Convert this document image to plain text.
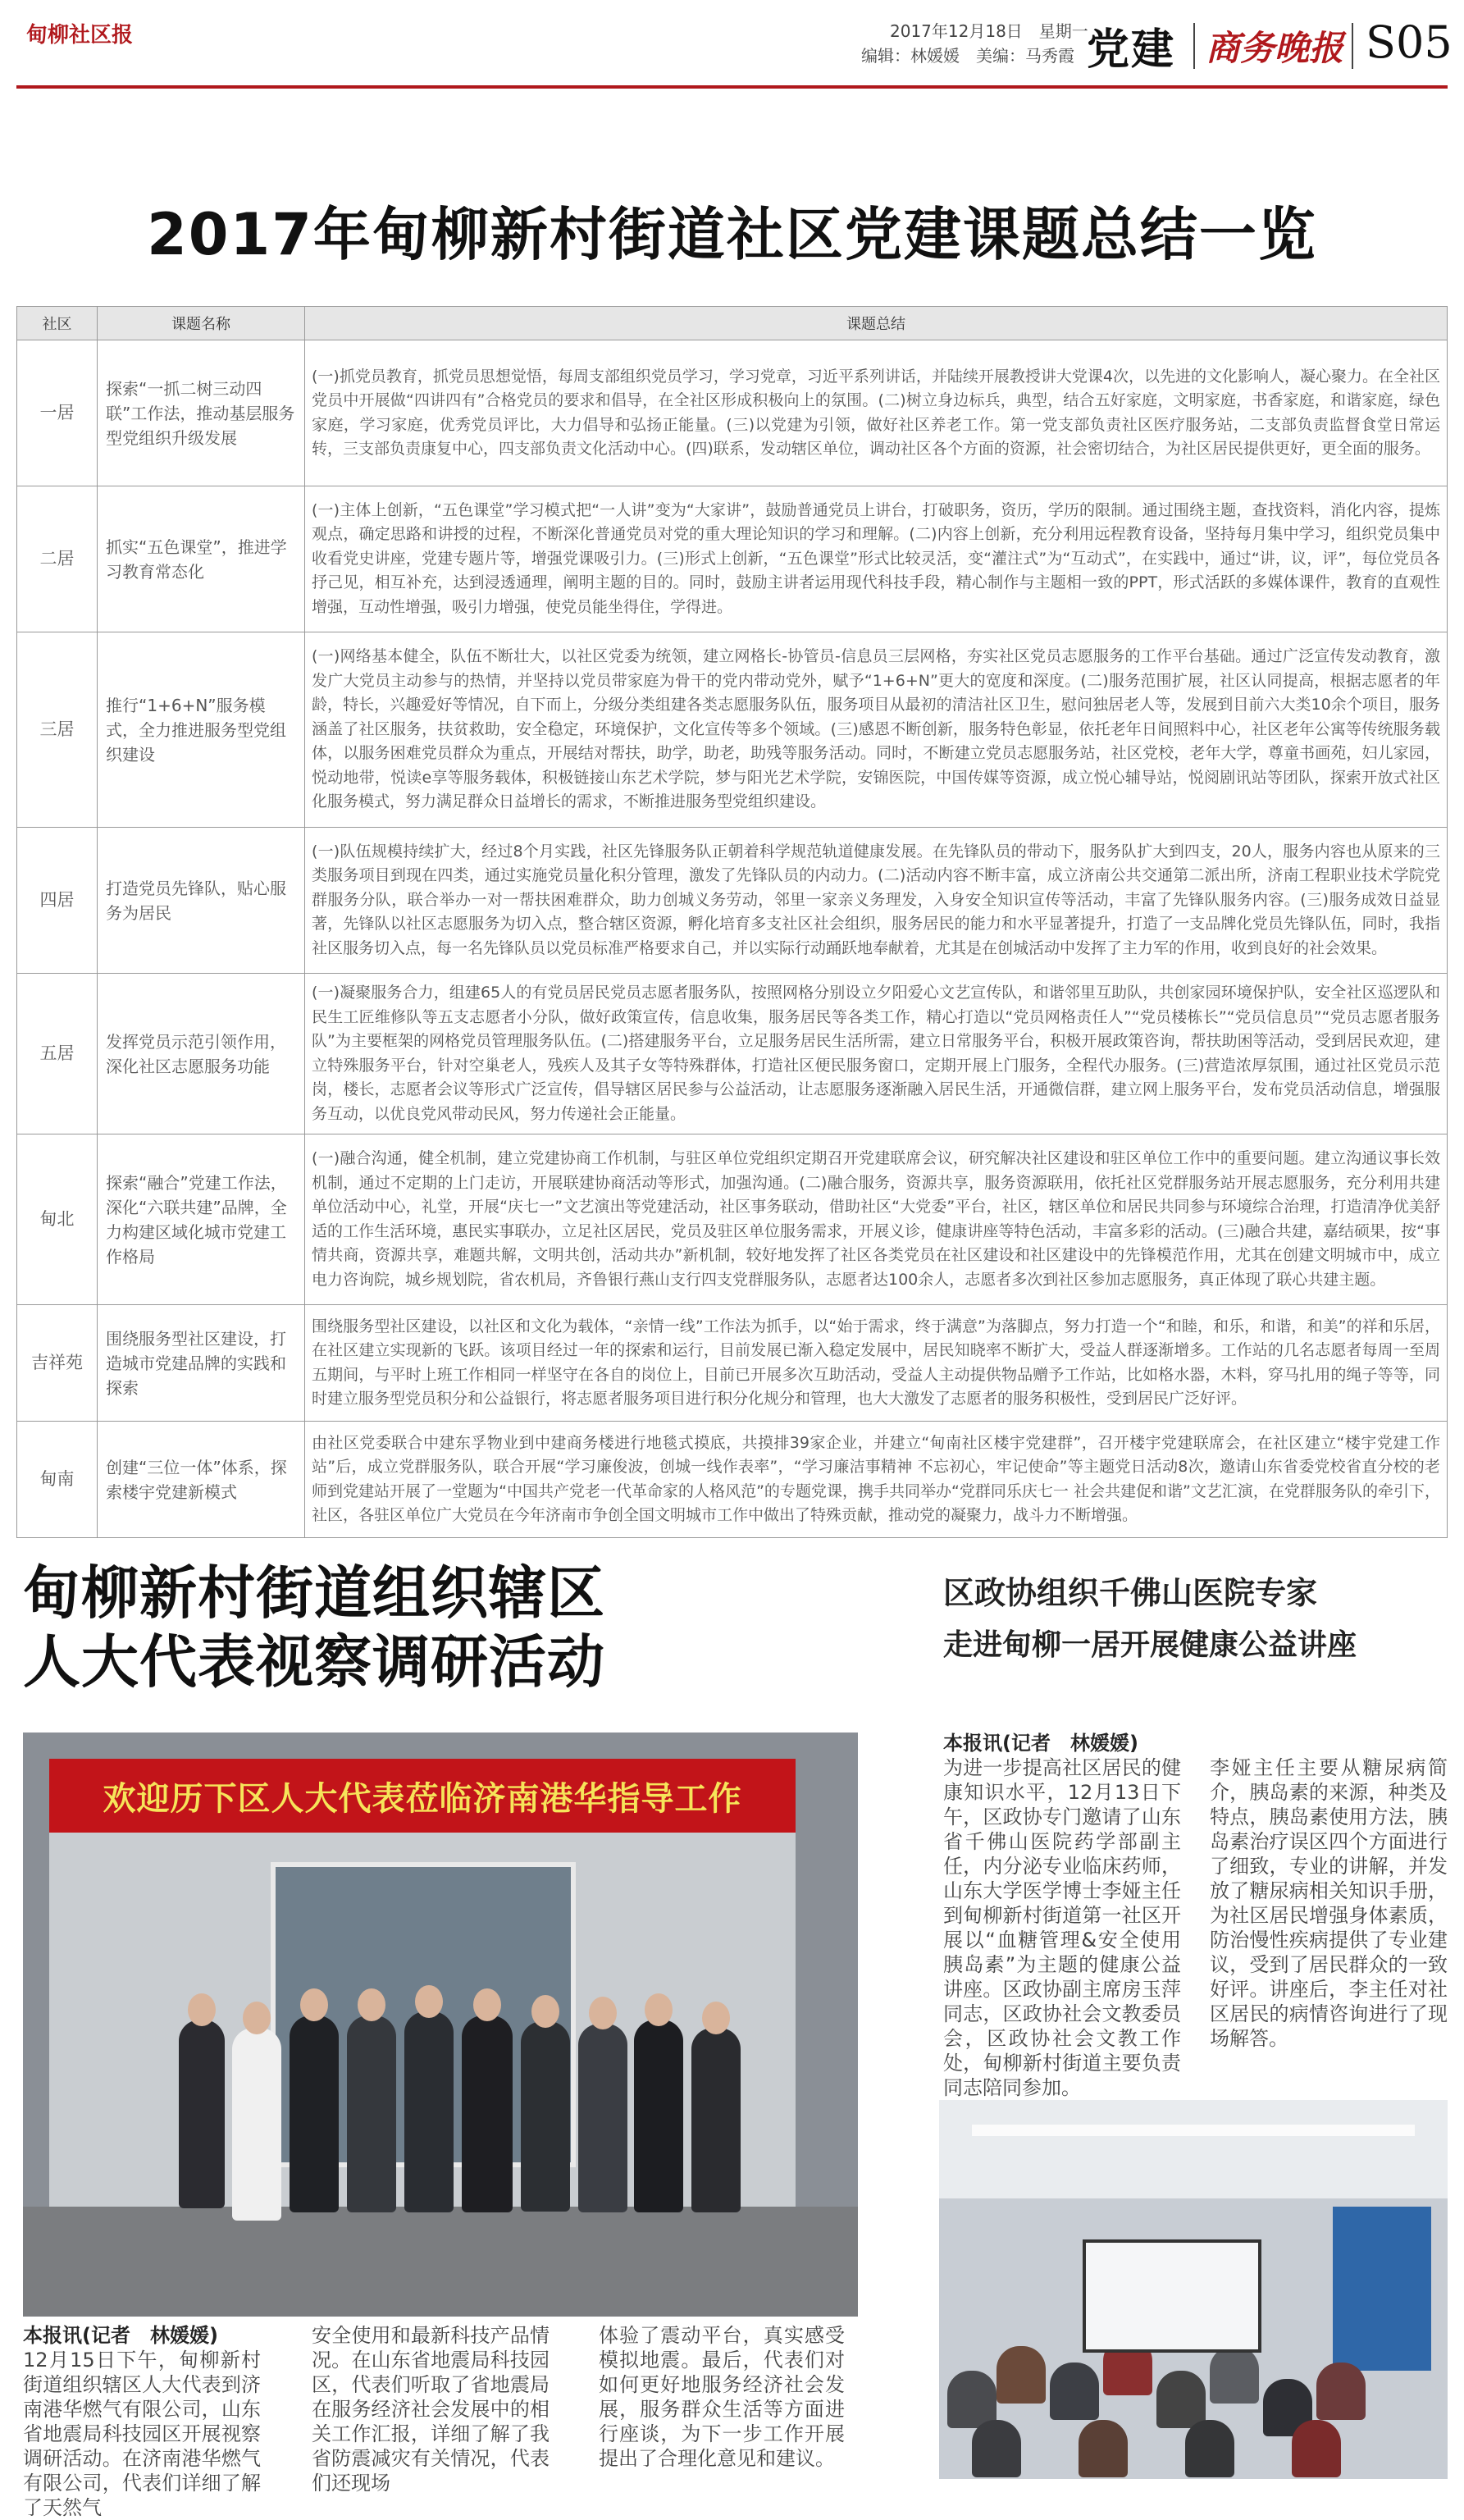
甸柳社区报	2017年12月18日　星期一
编辑：林媛媛　美编：马秀霞 党建 商务晚报 S05
2017年甸柳新村街道社区党建课题总结一览
社区	课题名称	课题总结
一居	探索“一抓二树三动四联”工作法，推动基层服务型党组织升级发展	(一)抓党员教育，抓党员思想觉悟，每周支部组织党员学习，学习党章，习近平系列讲话，并陆续开展教授讲大党课4次，以先进的文化影响人，凝心聚力。在全社区党员中开展做“四讲四有”合格党员的要求和倡导，在全社区形成积极向上的氛围。(二)树立身边标兵，典型，结合五好家庭，文明家庭，书香家庭，和谐家庭，绿色家庭，学习家庭，优秀党员评比，大力倡导和弘扬正能量。(三)以党建为引领，做好社区养老工作。第一党支部负责社区医疗服务站，二支部负责监督食堂日常运转，三支部负责康复中心，四支部负责文化活动中心。(四)联系，发动辖区单位，调动社区各个方面的资源，社会密切结合，为社区居民提供更好，更全面的服务。
二居	抓实“五色课堂”，推进学习教育常态化	(一)主体上创新，“五色课堂”学习模式把“一人讲”变为“大家讲”，鼓励普通党员上讲台，打破职务，资历，学历的限制。通过围绕主题，查找资料，消化内容，提炼观点，确定思路和讲授的过程，不断深化普通党员对党的重大理论知识的学习和理解。(二)内容上创新，充分利用远程教育设备，坚持每月集中学习，组织党员集中收看党史讲座，党建专题片等，增强党课吸引力。(三)形式上创新，“五色课堂”形式比较灵活，变“灌注式”为“互动式”，在实践中，通过“讲，议，评”，每位党员各抒己见，相互补充，达到浸透通理，阐明主题的目的。同时，鼓励主讲者运用现代科技手段，精心制作与主题相一致的PPT，形式活跃的多媒体课件，教育的直观性增强，互动性增强，吸引力增强，使党员能坐得住，学得进。
三居	推行“1+6+N”服务模式，全力推进服务型党组织建设	(一)网络基本健全，队伍不断壮大，以社区党委为统领，建立网格长-协管员-信息员三层网格，夯实社区党员志愿服务的工作平台基础。通过广泛宣传发动教育，激发广大党员主动参与的热情，并坚持以党员带家庭为骨干的党内带动党外，赋予“1+6+N”更大的宽度和深度。(二)服务范围扩展，社区认同提高，根据志愿者的年龄，特长，兴趣爱好等情况，自下而上，分级分类组建各类志愿服务队伍，服务项目从最初的清洁社区卫生，慰问独居老人等，发展到目前六大类10余个项目，服务涵盖了社区服务，扶贫救助，安全稳定，环境保护，文化宣传等多个领域。(三)感恩不断创新，服务特色彰显，依托老年日间照料中心，社区老年公寓等传统服务载体，以服务困难党员群众为重点，开展结对帮扶，助学，助老，助残等服务活动。同时，不断建立党员志愿服务站，社区党校，老年大学，尊童书画苑，妇儿家园，悦动地带，悦读e享等服务载体，积极链接山东艺术学院，梦与阳光艺术学院，安锦医院，中国传媒等资源，成立悦心辅导站，悦阅剧讯站等团队，探索开放式社区化服务模式，努力满足群众日益增长的需求，不断推进服务型党组织建设。
四居	打造党员先锋队，贴心服务为居民	(一)队伍规模持续扩大，经过8个月实践，社区先锋服务队正朝着科学规范轨道健康发展。在先锋队员的带动下，服务队扩大到四支，20人，服务内容也从原来的三类服务项目到现在四类，通过实施党员量化积分管理，激发了先锋队员的内动力。(二)活动内容不断丰富，成立济南公共交通第二派出所，济南工程职业技术学院党群服务分队，联合举办一对一帮扶困难群众，助力创城义务劳动，邻里一家亲义务理发，入身安全知识宣传等活动，丰富了先锋队服务内容。(三)服务成效日益显著，先锋队以社区志愿服务为切入点，整合辖区资源，孵化培育多支社区社会组织，服务居民的能力和水平显著提升，打造了一支品牌化党员先锋队伍，同时，我指社区服务切入点，每一名先锋队员以党员标准严格要求自己，并以实际行动踊跃地奉献着，尤其是在创城活动中发挥了主力军的作用，收到良好的社会效果。
五居	发挥党员示范引领作用，深化社区志愿服务功能	(一)凝聚服务合力，组建65人的有党员居民党员志愿者服务队，按照网格分别设立夕阳爱心文艺宣传队，和谐邻里互助队，共创家园环境保护队，安全社区巡逻队和民生工匠维修队等五支志愿者小分队，做好政策宣传，信息收集，服务居民等各类工作，精心打造以“党员网格责任人”“党员楼栋长”“党员信息员”“党员志愿者服务队”为主要框架的网格党员管理服务队伍。(二)搭建服务平台，立足服务居民生活所需，建立日常服务平台，积极开展政策咨询，帮扶助困等活动，受到居民欢迎，建立特殊服务平台，针对空巢老人，残疾人及其子女等特殊群体，打造社区便民服务窗口，定期开展上门服务，全程代办服务。(三)营造浓厚氛围，通过社区党员示范岗，楼长，志愿者会议等形式广泛宣传，倡导辖区居民参与公益活动，让志愿服务逐渐融入居民生活，开通微信群，建立网上服务平台，发布党员活动信息，增强服务互动，以优良党风带动民风，努力传递社会正能量。
甸北	探索“融合”党建工作法，深化“六联共建”品牌，全力构建区域化城市党建工作格局	(一)融合沟通，健全机制，建立党建协商工作机制，与驻区单位党组织定期召开党建联席会议，研究解决社区建设和驻区单位工作中的重要问题。建立沟通议事长效机制，通过不定期的上门走访，开展联建协商活动等形式，加强沟通。(二)融合服务，资源共享，服务资源联用，依托社区党群服务站开展志愿服务，充分利用共建单位活动中心，礼堂，开展“庆七一”文艺演出等党建活动，社区事务联动，借助社区“大党委”平台，社区，辖区单位和居民共同参与环境综合治理，打造清净优美舒适的工作生活环境，惠民实事联办，立足社区居民，党员及驻区单位服务需求，开展义诊，健康讲座等特色活动，丰富多彩的活动。(三)融合共建，嘉结硕果，按“事情共商，资源共享，难题共解，文明共创，活动共办”新机制，较好地发挥了社区各类党员在社区建设和社区建设中的先锋模范作用，尤其在创建文明城市中，成立电力咨询院，城乡规划院，省农机局，齐鲁银行燕山支行四支党群服务队，志愿者达100余人，志愿者多次到社区参加志愿服务，真正体现了联心共建主题。
吉祥苑	围绕服务型社区建设，打造城市党建品牌的实践和探索	围绕服务型社区建设，以社区和文化为载体，“亲情一线”工作法为抓手，以“始于需求，终于满意”为落脚点，努力打造一个“和睦，和乐，和谐，和美”的祥和乐居，在社区建立实现新的飞跃。该项目经过一年的探索和运行，目前发展已渐入稳定发展中，居民知晓率不断扩大，受益人群逐渐增多。工作站的几名志愿者每周一至周五期间，与平时上班工作相同一样坚守在各自的岗位上，目前已开展多次互助活动，受益人主动提供物品赠予工作站，比如格水器，木料，穿马扎用的绳子等等，同时建立服务型党员积分和公益银行，将志愿者服务项目进行积分化规分和管理，也大大激发了志愿者的服务积极性，受到居民广泛好评。
甸南	创建“三位一体”体系，探索楼宇党建新模式	由社区党委联合中建东孚物业到中建商务楼进行地毯式摸底，共摸排39家企业，并建立“甸南社区楼宇党建群”，召开楼宇党建联席会，在社区建立“楼宇党建工作站”后，成立党群服务队，联合开展“学习廉俊波，创城一线作表率”，“学习廉洁事精神 不忘初心，牢记使命”等主题党日活动8次，邀请山东省委党校省直分校的老师到党建站开展了一堂题为“中国共产党老一代革命家的人格风范”的专题党课，携手共同举办“党群同乐庆七一 社会共建促和谐”文艺汇演，在党群服务队的牵引下，社区，各驻区单位广大党员在今年济南市争创全国文明城市工作中做出了特殊贡献，推动党的凝聚力，战斗力不断增强。
甸柳新村街道组织辖区
人大代表视察调研活动
区政协组织千佛山医院专家
走进甸柳一居开展健康公益讲座
欢迎历下区人大代表莅临济南港华指导工作
本报讯(记者　林媛媛)
12月15日下午，甸柳新村街道组织辖区人大代表到济南港华燃气有限公司，山东省地震局科技园区开展视察调研活动。在济南港华燃气有限公司，代表们详细了解了天然气
安全使用和最新科技产品情况。在山东省地震局科技园区，代表们听取了省地震局在服务经济社会发展中的相关工作汇报，详细了解了我省防震减灾有关情况，代表们还现场
体验了震动平台，真实感受模拟地震。最后，代表们对如何更好地服务经济社会发展，服务群众生活等方面进行座谈，为下一步工作开展提出了合理化意见和建议。
本报讯(记者　林媛媛)
为进一步提高社区居民的健康知识水平，12月13日下午，区政协专门邀请了山东省千佛山医院药学部副主任，内分泌专业临床药师，山东大学医学博士李娅主任到甸柳新村街道第一社区开展以“血糖管理&安全使用胰岛素”为主题的健康公益讲座。区政协副主席房玉萍同志，区政协社会文教委员会，区政协社会文教工作处，甸柳新村街道主要负责同志陪同参加。
李娅主任主要从糖尿病简介，胰岛素的来源，种类及特点，胰岛素使用方法，胰岛素治疗误区四个方面进行了细致，专业的讲解，并发放了糖尿病相关知识手册，为社区居民增强身体素质，防治慢性疾病提供了专业建议，受到了居民群众的一致好评。讲座后，李主任对社区居民的病情咨询进行了现场解答。
